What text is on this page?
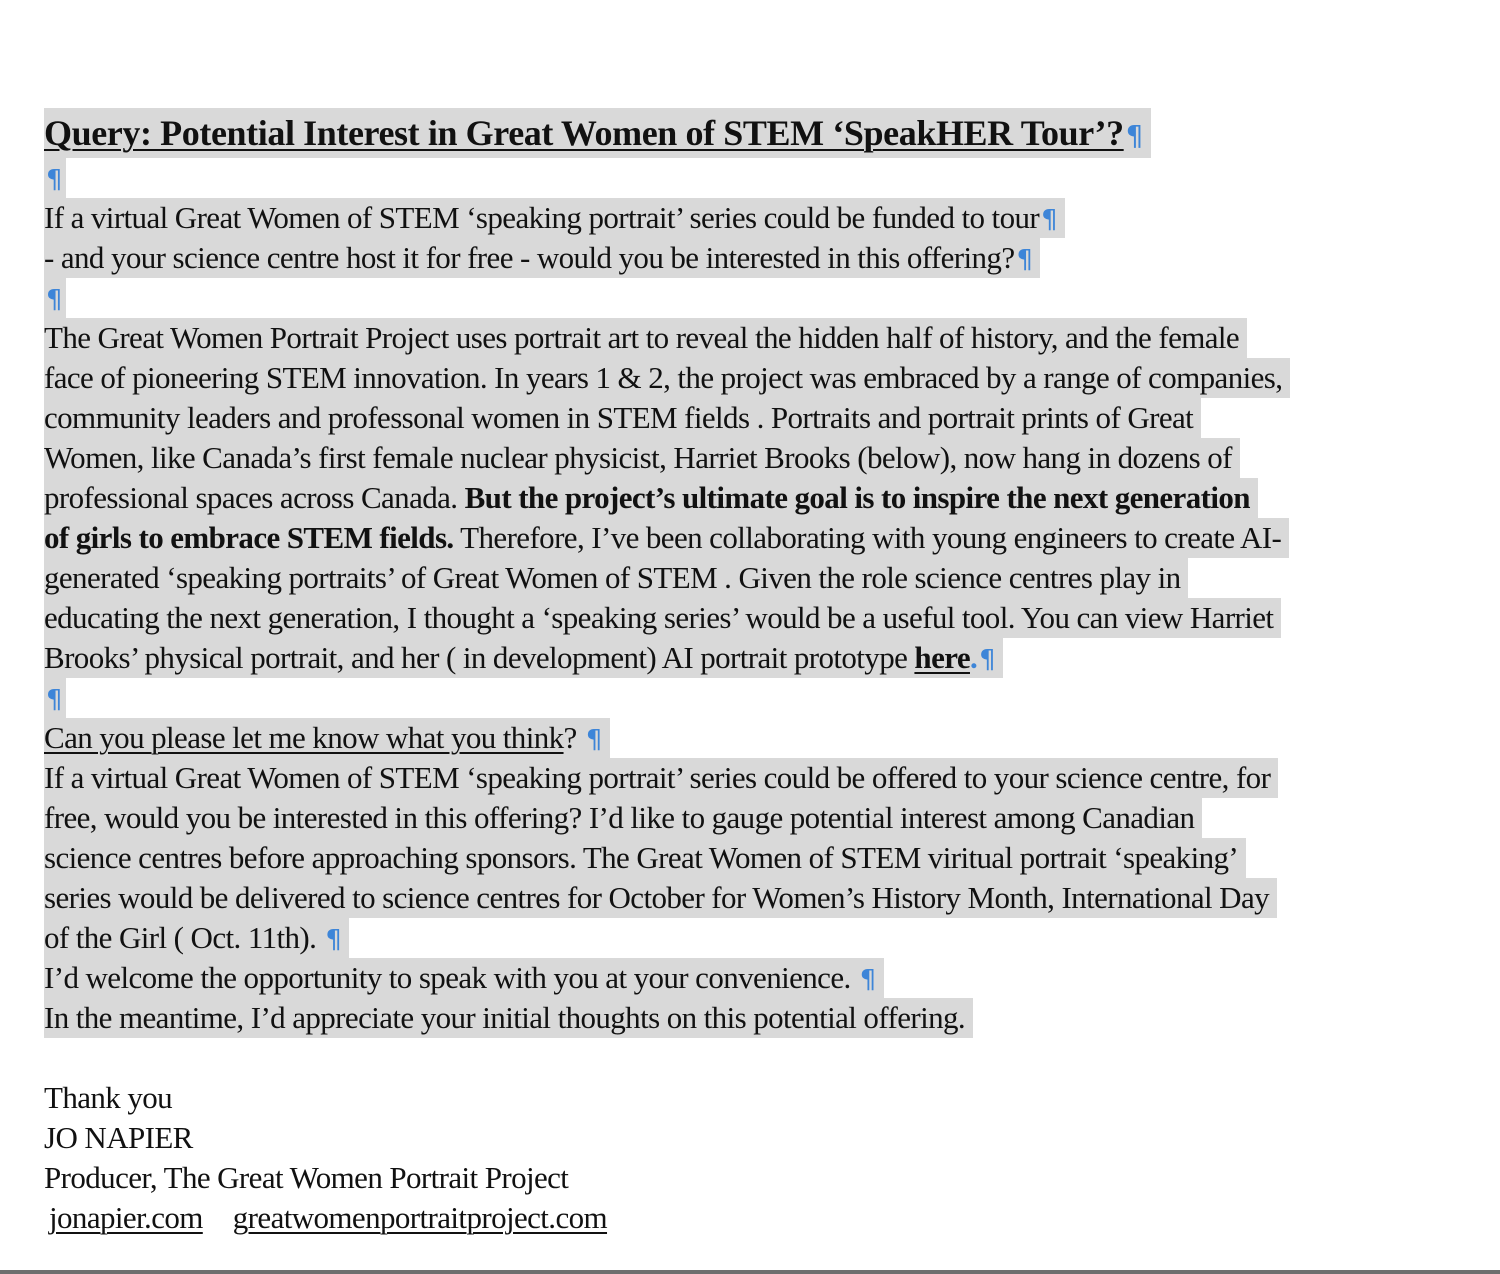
Query: Potential Interest in Great Women of STEM ‘SpeakHER Tour’?¶
¶
If a virtual Great Women of STEM ‘speaking portrait’ series could be funded to tour¶
- and your science centre host it for free - would you be interested in this offering?¶
¶
The Great Women Portrait Project uses portrait art to reveal the hidden half of history, and the female
face of pioneering STEM innovation. In years 1 & 2, the project was embraced by a range of companies,
community leaders and professonal women in STEM fields . Portraits and portrait prints of Great
Women, like Canada’s first female nuclear physicist, Harriet Brooks (below), now hang in dozens of
professional spaces across Canada. But the project’s ultimate goal is to inspire the next generation
of girls to embrace STEM fields. Therefore, I’ve been collaborating with young engineers to create AI-
generated ‘speaking portraits’ of Great Women of STEM . Given the role science centres play in
educating the next generation, I thought a ‘speaking series’ would be a useful tool. You can view Harriet
Brooks’ physical portrait, and her ( in development) AI portrait prototype here.¶
¶
Can you please let me know what you think? ¶
If a virtual Great Women of STEM ‘speaking portrait’ series could be offered to your science centre, for
free, would you be interested in this offering? I’d like to gauge potential interest among Canadian
science centres before approaching sponsors. The Great Women of STEM viritual portrait ‘speaking’
series would be delivered to science centres for October for Women’s History Month, International Day
of the Girl ( Oct. 11th). ¶
I’d welcome the opportunity to speak with you at your convenience. ¶
In the meantime, I’d appreciate your initial thoughts on this potential offering.
Thank you
JO NAPIER
Producer, The Great Women Portrait Project
jonapier.com greatwomenportraitproject.com
